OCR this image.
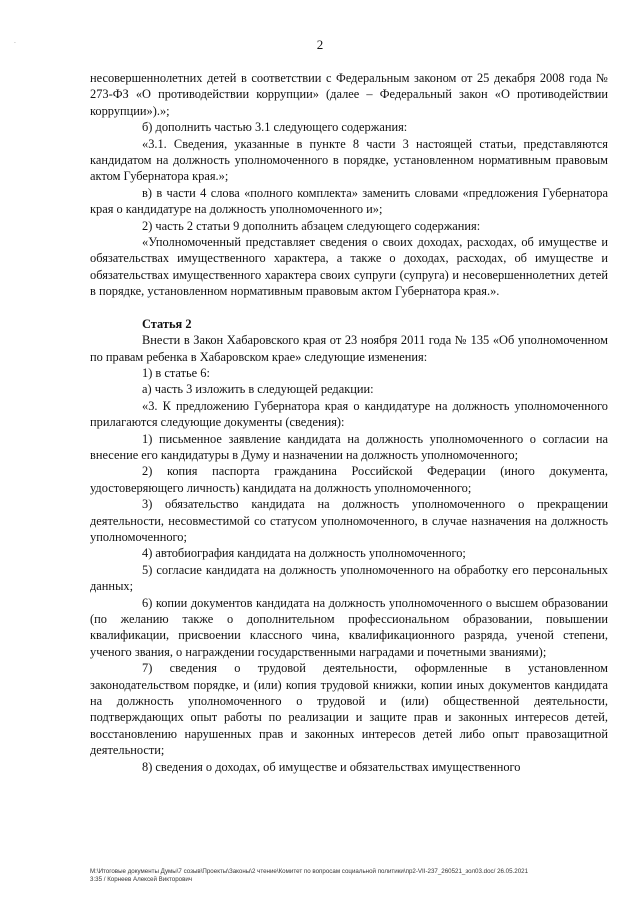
·	2

несовершеннолетних детей в соответствии с Федеральным законом от 25 декабря 2008 года № 273-ФЗ «О противодействии коррупции» (далее – Федеральный закон «О противодействии коррупции»).»;

б) дополнить частью 3.1 следующего содержания:

«3.1. Сведения, указанные в пункте 8 части 3 настоящей статьи, представляются кандидатом на должность уполномоченного в порядке, установленном нормативным правовым актом Губернатора края.»;

в) в части 4 слова «полного комплекта» заменить словами «предложения Губернатора края о кандидатуре на должность уполномоченного и»;

2) часть 2 статьи 9 дополнить абзацем следующего содержания:

«Уполномоченный представляет сведения о своих доходах, расходах, об имуществе и обязательствах имущественного характера, а также о доходах, расходах, об имуществе и обязательствах имущественного характера своих супруги (супруга) и несовершеннолетних детей в порядке, установленном нормативным правовым актом Губернатора края.».

Статья 2

Внести в Закон Хабаровского края от 23 ноября 2011 года № 135 «Об уполномоченном по правам ребенка в Хабаровском крае» следующие изменения:

1) в статье 6:

а) часть 3 изложить в следующей редакции:

«3. К предложению Губернатора края о кандидатуре на должность уполномоченного прилагаются следующие документы (сведения):

1) письменное заявление кандидата на должность уполномоченного о согласии на внесение его кандидатуры в Думу и назначении на должность уполномоченного;

2) копия паспорта гражданина Российской Федерации (иного документа, удостоверяющего личность) кандидата на должность уполномоченного;

3) обязательство кандидата на должность уполномоченного о прекращении деятельности, несовместимой со статусом уполномоченного, в случае назначения на должность уполномоченного;

4) автобиография кандидата на должность уполномоченного;

5) согласие кандидата на должность уполномоченного на обработку его персональных данных;

6) копии документов кандидата на должность уполномоченного о высшем образовании (по желанию также о дополнительном профессиональном образовании, повышении квалификации, присвоении классного чина, квалификационного разряда, ученой степени, ученого звания, о награждении государственными наградами и почетными званиями);

7) сведения о трудовой деятельности, оформленные в установленном законодательством порядке, и (или) копия трудовой книжки, копии иных документов кандидата на должность уполномоченного о трудовой и (или) общественной деятельности, подтверждающих опыт работы по реализации и защите прав и законных интересов детей, восстановлению нарушенных прав и законных интересов детей либо опыт правозащитной деятельности;

8) сведения о доходах, об имуществе и обязательствах имущественного

M:\Итоговые документы Думы\7 созыв\Проекты\Законы\2 чтение\Комитет по вопросам социальной политики\пр2-VII-237_260521_зол03.doc/ 26.05.2021
3:35 / Корнеев Алексей Викторович
